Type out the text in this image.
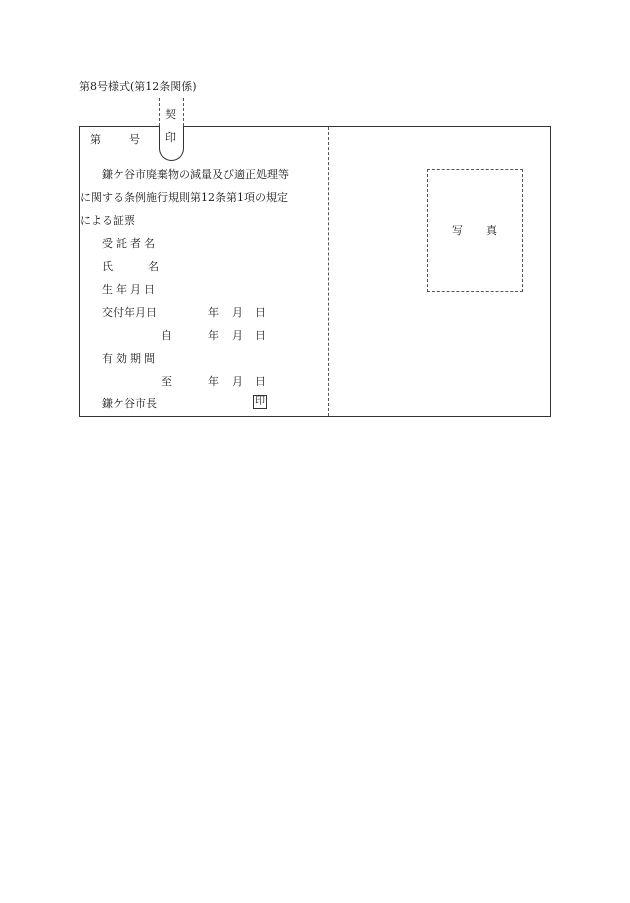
第8号様式(第12条関係)
契
印
第	号
鎌ケ谷市廃棄物の減量及び適正処理等
に関する条例施行規則第12条第1項の規定
による証票
受託者名
氏名
生年月日
交付年月日	年 月 日
自	年 月 日
有効期間
至	年 月 日
鎌ケ谷市長	印
写 真
